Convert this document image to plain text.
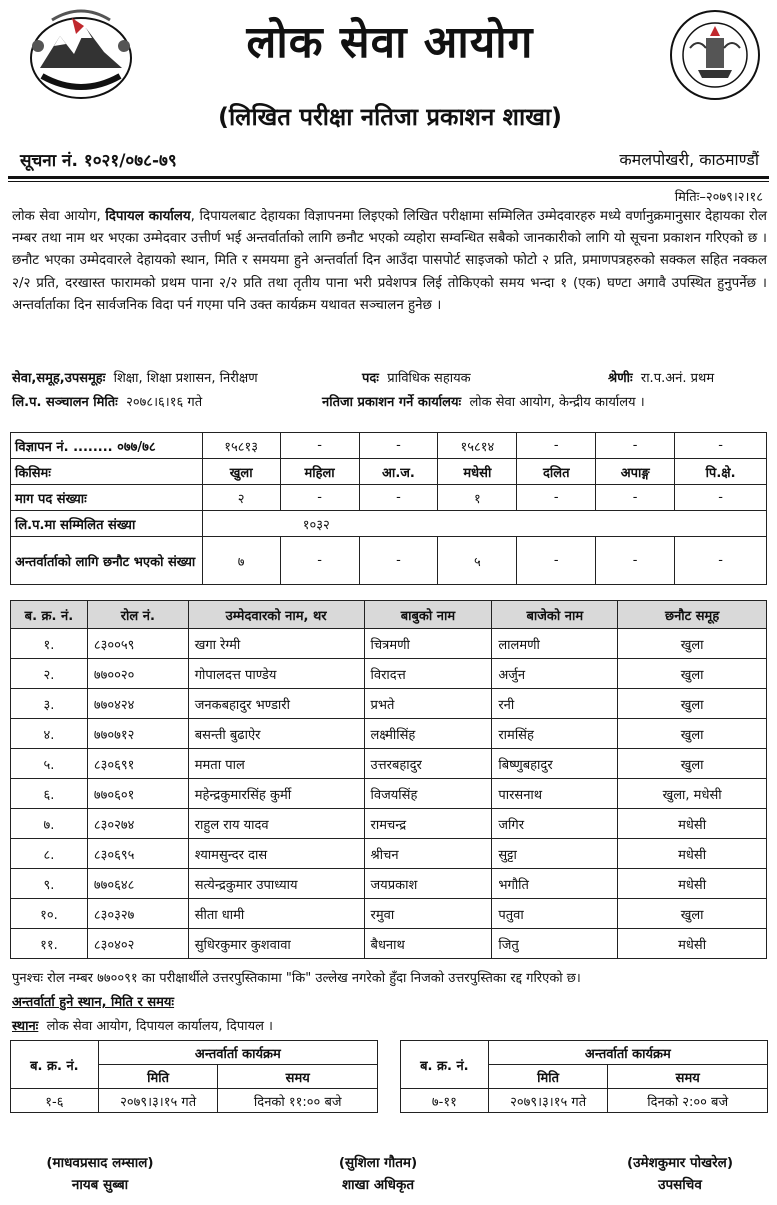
लोक सेवा आयोग
(लिखित परीक्षा नतिजा प्रकाशन शाखा)
सूचना नं. १०२१/०७८-७९	कमलपोखरी, काठमाण्डौं
मितिः–२०७९।२।१८
लोक सेवा आयोग, दिपायल कार्यालय, दिपायलबाट देहायका विज्ञापनमा लिइएको लिखित परीक्षामा सम्मिलित उम्मेदवारहरु मध्ये वर्णानुक्रमानुसार देहायका रोल नम्बर तथा नाम थर भएका उम्मेदवार उत्तीर्ण भई अन्तर्वार्ताको लागि छनौट भएको व्यहोरा सम्वन्धित सबैको जानकारीको लागि यो सूचना प्रकाशन गरिएको छ । छनौट भएका उम्मेदवारले देहायको स्थान, मिति र समयमा हुने अन्तर्वार्ता दिन आउँदा पासपोर्ट साइजको फोटो २ प्रति, प्रमाणपत्रहरुको सक्कल सहित नक्कल २/२ प्रति, दरखास्त फारामको प्रथम पाना २/२ प्रति तथा तृतीय पाना भरी प्रवेशपत्र लिई तोकिएको समय भन्दा १ (एक) घण्टा अगावै उपस्थित हुनुपर्नेछ । अन्तर्वार्ताका दिन सार्वजनिक विदा पर्न गएमा पनि उक्त कार्यक्रम यथावत सञ्चालन हुनेछ ।
सेवा,समूह,उपसमूहः शिक्षा, शिक्षा प्रशासन, निरीक्षण	पदः प्राविधिक सहायक	श्रेणीः रा.प.अनं. प्रथम
लि.प. सञ्चालन मितिः २०७८।६।१६ गते	नतिजा प्रकाशन गर्ने कार्यालयः लोक सेवा आयोग, केन्द्रीय कार्यालय ।
विज्ञापन नं. ........ ०७७/७८	१५८१३	-	-	१५८१४	-	-	-
किसिमः	खुला	महिला	आ.ज.	मधेसी	दलित	अपाङ्ग	पि.क्षे.
माग पद संख्याः	२	-	-	१	-	-	-
लि.प.मा सम्मिलित संख्या	१०३२						
अन्तर्वार्ताको लागि छनौट भएको संख्या	७	-	-	५	-	-	-
ब. क्र. नं.	रोल नं.	उम्मेदवारको नाम, थर	बाबुको नाम	बाजेको नाम	छनौट समूह
१.	८३००५९	खगा रेग्मी	चित्रमणी	लालमणी	खुला
२.	७७००२०	गोपालदत्त पाण्डेय	विरादत्त	अर्जुन	खुला
३.	७७०४२४	जनकबहादुर भण्डारी	प्रभते	रनी	खुला
४.	७७०७१२	बसन्ती बुढाऐर	लक्ष्मीसिंह	रामसिंह	खुला
५.	८३०६९१	ममता पाल	उत्तरबहादुर	बिष्णुबहादुर	खुला
६.	७७०६०१	महेन्द्रकुमारसिंह कुर्मी	विजयसिंह	पारसनाथ	खुला, मधेसी
७.	८३०२७४	राहुल राय यादव	रामचन्द्र	जगिर	मधेसी
८.	८३०६९५	श्यामसुन्दर दास	श्रीचन	सुट्टा	मधेसी
९.	७७०६४८	सत्येन्द्रकुमार उपाध्याय	जयप्रकाश	भगौति	मधेसी
१०.	८३०३२७	सीता धामी	रमुवा	पतुवा	खुला
११.	८३०४०२	सुधिरकुमार कुशवावा	बैधनाथ	जितु	मधेसी
पुनश्चः रोल नम्बर ७७००९१ का परीक्षार्थीले उत्तरपुस्तिकामा "कि" उल्लेख नगरेको हुँदा निजको उत्तरपुस्तिका रद्द गरिएको छ।
अन्तर्वार्ता हुने स्थान, मिति र समयः
स्थानः लोक सेवा आयोग, दिपायल कार्यालय, दिपायल ।
ब. क्र. नं.	अन्तर्वार्ता कार्यक्रम	
	मिति	समय
१-६	२०७९।३।१५ गते	दिनको ११:०० बजे
ब. क्र. नं.	अन्तर्वार्ता कार्यक्रम	
	मिति	समय
७-११	२०७९।३।१५ गते	दिनको २:०० बजे
(माधवप्रसाद लम्साल)
नायब सुब्बा
(सुशिला गौतम)
शाखा अधिकृत
(उमेशकुमार पोखरेल)
उपसचिव
